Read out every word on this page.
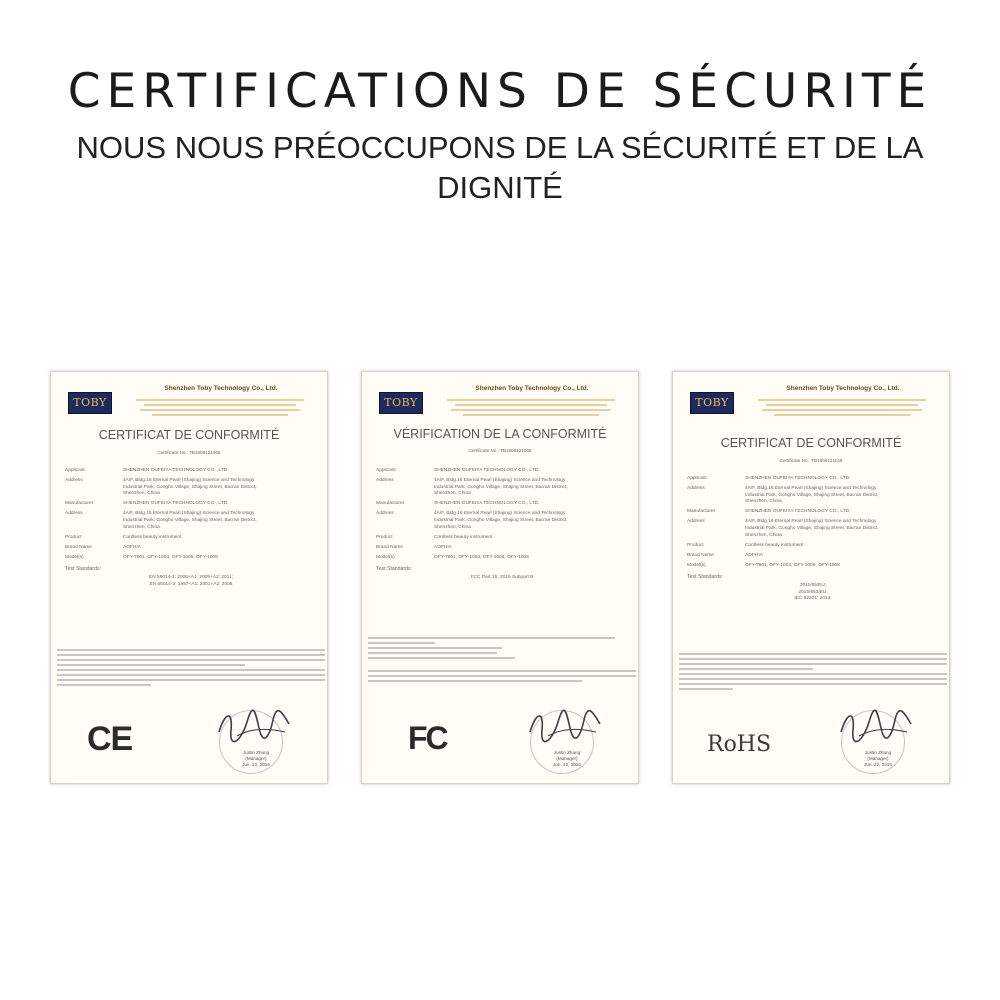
CERTIFICATIONS DE SÉCURITÉ

NOUS NOUS PRÉOCCUPONS DE LA SÉCURITÉ ET DE LA DIGNITÉ

TOBY
Shenzhen Toby Technology Co., Ltd.
CERTIFICAT DE CONFORMITÉ
Certificate No.: TB1608121068
Applicant	SHENZHEN OUFEIYA TECHNOLOGY CO., LTD.
Address	4A/F, Bldg.16 Eternal Pearl (Shajing) Science and Technology
Industrial Park, Gongho Village, Shajing Street, Bao'an District,
Shenzhen, China
Manufacturer	SHENZHEN OUFEIYA TECHNOLOGY CO., LTD.
Address	4A/F, Bldg.16 Eternal Pearl (Shajing) Science and Technology
Industrial Park, Gongho Village, Shajing Street, Bao'an District,
Shenzhen, China
Product	Cordless beauty instrument
Brand Name	AOFHIA
Model(s)	OFY-7801, OFY-1003, OFY-1006, OFY-1008
Test Standards:
EN 55014-1: 2006+A1: 2009+A2: 2011;
EN 55014-2: 1997+A1: 2001+A2: 2008
CE	Justin Zhang
(Manager)
Jun. 22, 2016
TOBY
Shenzhen Toby Technology Co., Ltd.
VÉRIFICATION DE LA CONFORMITÉ
Certificate No.: TB1608121068
Applicant	SHENZHEN OUFEIYA TECHNOLOGY CO., LTD.
Address	4A/F, Bldg.16 Eternal Pearl (Shajing) Science and Technology
Industrial Park, Gongho Village, Shajing Street, Bao'an District,
Shenzhen, China
Manufacturer	SHENZHEN OUFEIYA TECHNOLOGY CO., LTD.
Address	4A/F, Bldg.16 Eternal Pearl (Shajing) Science and Technology
Industrial Park, Gongho Village, Shajing Street, Bao'an District,
Shenzhen, China
Product	Cordless beauty instrument
Brand Name	AOFHIA
Model(s)	OFY-7801, OFY-1003, OFY-1006, OFY-1008
Test Standards:
FCC Part 15: 2015 Subpart B
FC	Justin Zhang
(Manager)
Jun. 22, 2016
TOBY
Shenzhen Toby Technology Co., Ltd.
CERTIFICAT DE CONFORMITÉ
Certificate No.: TB1608121148
Applicant	SHENZHEN OUFEIYA TECHNOLOGY CO., LTD.
Address	4A/F, Bldg.16 Eternal Pearl (Shajing) Science and Technology
Industrial Park, Gongho Village, Shajing Street, Bao'an District,
Shenzhen, China
Manufacturer	SHENZHEN OUFEIYA TECHNOLOGY CO., LTD.
Address	4A/F, Bldg.16 Eternal Pearl (Shajing) Science and Technology
Industrial Park, Gongho Village, Shajing Street, Bao'an District,
Shenzhen, China
Product	Cordless beauty instrument
Brand Name	AOFHIA
Model(s)	OFY-7801, OFY-1003, OFY-1006, OFY-1008
Test Standards:
2011/65/EU;
2015/863/EU;
IEC 62321: 2013.
RoHS	Justin Zhang
(Manager)
Jun. 22, 2016
